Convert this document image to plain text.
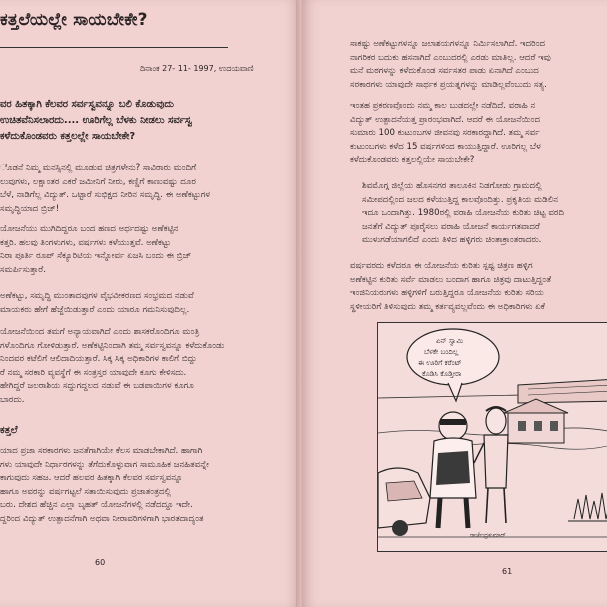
ಕತ್ತಲೆಯಲ್ಲೇ ಸಾಯಬೇಕೇ?
ದಿನಾಂಕ 27- 11- 1997, ಉದಯವಾಣಿ
ವರ ಹಿತಕ್ಕಾಗಿ ಕೆಲವರ ಸರ್ವಸ್ವವನ್ನೂ ಬಲಿ ಕೊಡುವುದು
ಉಚಿತವೆನಿಸಲಾರದು.... ಊರಿಗೆಲ್ಲ ಬೆಳಕು ನೀಡಲು ಸರ್ವಸ್ವ
ಕಳೆದುಕೊಂಡವರು ಕತ್ತಲಲ್ಲೇ ಸಾಯಬೇಕೇ?
ೊಡನೆ ನಿಮ್ಮ ಮನಸ್ಸಿನಲ್ಲಿ ಮೂಡುವ ಚಿತ್ರಗಳೇನು? ಸಾವಿರಾರು ಮಂದಿಗೆ
ಲುವುಗಳು, ಲಕ್ಷಾಂತರ ಎಕರೆ ಜಮೀನಿಗೆ ನೀರು, ಕಣ್ಣಿಗೆ ಕಾಣುವಷ್ಟು ದೂರ
ಬೆಳೆ, ನಾಡಿಗೆಲ್ಲ ವಿದ್ಯುತ್. ಒಟ್ಟಾರೆ ಸುಭಿಕ್ಷದ ನೀರಿನ ಸಮೃದ್ಧಿ. ಈ ಅಣೆಕಟ್ಟುಗಳ
ಸಮೃದ್ಧಿಯಾದ ಬ್ರಿಜ್!
ಯೋಜನೆಯು ಮುಗಿದಿದ್ದರೂ ಬಂದ ಹಣದ ಅರ್ಧದಷ್ಟು ಅಣೆಕಟ್ಟಿನ
ಕತ್ತರಿ. ಹಲವು ತಿಂಗಳುಗಳು, ವರ್ಷಗಳು ಕಳೆಯುತ್ತವೆ. ಅಣೆಕಟ್ಟು
ನಿರಾ ಪೂರ್ತಿ ರೂಪ್ ಸೆಕ್ಯೂರಿಟಿಯ ಇನ್ನೋರ್ವ ಏಜಸಿ ಬಂದು ಈ ಬ್ರಿಜ್
ಸಮರ್ಪಿಸುತ್ತಾರೆ.
ಅಣೆಕಟ್ಟು, ಸಮೃದ್ಧಿ ಮುಂತಾದವುಗಳ ವೈಭವೀಕರಣದ ಸಂಭ್ರಮದ ನಡುವೆ
ಮಾಯಕರು ಹೇಗೆ ಹೆಜ್ಜೆಯಿಡುತ್ತಾರೆ ಎಂದು ಯಾರೂ ಗಮನಿಸುವುದಿಲ್ಲ.
ಯೋಜನೆಯಿಂದ ತಮಗೆ ಅನ್ಯಾಯವಾಗಿದೆ ಎಂದು ಶಾಸಕರೊಂದಿಗೂ ಮಂತ್ರಿ
ಗಳೊಂದಿಗೂ ಗೋಳಿಡುತ್ತಾರೆ. ಅಣೆಕಟ್ಟಿನಿಂದಾಗಿ ತಮ್ಮ ಸರ್ವಸ್ವವನ್ನೂ ಕಳೆದುಕೊಂಡು
ನಿಂದವರ ಕಟೆಲಿಗೆ ಆಲಿದಾದಿಯತ್ತಾರೆ. ಸಿಕ್ಕ ಸಿಕ್ಕ ಅಧಿಕಾರಿಗಳ ಕಾಲಿಗೆ ಬಿದ್ದು
ರೆ ನಮ್ಮ ಸರಕಾರಿ ವ್ಯವಸ್ಥೆಗೆ ಈ ಸಂತ್ರಸ್ತರ ಯಾವುದೇ ಕೂಗು ಕೇಳಿಸದು.
ಹೇಗಿದ್ದರೆ ಜಲರಾಶಿಯ ಸದ್ದುಗದ್ದಲದ ನಡುವೆ ಈ ಬಡಪಾಯಿಗಳ ಕೂಗೂ
ಬಾರದು.
ಕತ್ತಲೆ
ಯಾದ ಪ್ರಜಾ ಸರಕಾರಗಳು ಜನತೆಗಾಗಿಯೇ ಕೆಲಸ ಮಾಡಬೇಕಾಗಿದೆ. ಹಾಗಾಗಿ
ಗಳು ಯಾವುದೇ ನಿರ್ಧಾರಗಳನ್ನು ತೆಗೆದುಕೊಳ್ಳುವಾಗ ಸಾಮೂಹಿಕ ಜನಹಿತವನ್ನೇ
ಕಾಗುವುದು ಸಹಜ. ಆದರೆ ಹಲವರ ಹಿತಕ್ಕಾಗಿ ಕೆಲವರ ಸರ್ವಸ್ವವನ್ನೂ
ಹಾಗೂ ಅವರನ್ನು ವರ್ಷಗಟ್ಟಲೆ ಸತಾಯಿಸುವುದು ಪ್ರಜಾತಂತ್ರದಲ್ಲಿ
ಬರು. ದೇಶದ ಹೆಚ್ಚಿನ ಎಲ್ಲಾ ಬೃಹತ್ ಯೋಜನೆಗಳಲ್ಲಿ ನಡೆದದ್ದೂ ಇದೇ.
ದ್ದರಿಂದ ವಿದ್ಯುತ್ ಉತ್ಪಾದನೆಗಾಗಿ ಅಥವಾ ನೀರಾವರಿಗಳಿಗಾಗಿ ಭಾರತದಾದ್ಯಂತ
60
ಸಾಕಷ್ಟು ಅಣೆಕಟ್ಟುಗಳನ್ನೂ ಜಲಾಶಯಗಳನ್ನೂ ನಿರ್ಮಿಸಲಾಗಿದೆ. ಇದರಿಂದ
ನಾಗರಿಕರ ಬದುಕು ಹಸನಾಗಿದೆ ಎಂಬುದರಲ್ಲಿ ಎರಡು ಮಾತಿಲ್ಲ. ಆದರೆ ಇವು
ಮನೆ ಮಠಗಳನ್ನು ಕಳೆದುಕೊಂಡ ಸರ್ವಸತರ ಪಾಡು ಏನಾಗಿದೆ ಎಂಬುದ
ಸರಕಾರಗಳು ಯಾವುದೇ ಸಾರ್ಥಕ ಪ್ರಯತ್ನಗಳನ್ನು ಮಾಡಿಲ್ಲವೆಂಬುದು ಸತ್ಯ.
ಇಂತಹ ಪ್ರಕರಣವೊಂದು ನಮ್ಮ ಕಾಲ ಬುಡದಲ್ಲೇ ನಡೆದಿದೆ. ವರಾಹಿ ನ
ವಿದ್ಯುತ್ ಉತ್ಪಾದನೆಯತ್ತ ಪ್ರಾರಂಭವಾಗಿದೆ. ಆದರೆ ಈ ಯೋಜನೆಯಿಂದ
ಸುಮಾರು 100 ಕುಟುಂಬಗಳ ಜೀವನವು ಸರಕಾರದ್ದಾಗಿದೆ. ತಮ್ಮ ಸರ್ವ
ಕುಟುಂಬಗಳು ಕಳೆದ 15 ವರ್ಷಗಳಿಂದ ಕಾಯುತ್ತಿದ್ದಾರೆ. ಊರಿಗಲ್ಲ ಬೆಳ
ಕಳೆದುಕೊಂಡವರು ಕತ್ತಲಲ್ಲಿಯೇ ಸಾಯಬೇಕೇ?
ಶಿವಮೊಗ್ಗ ಜಿಲ್ಲೆಯ ಹೊಸನಗರ ತಾಲೂಕಿನ ನಿಡಗೋಡು ಗ್ರಾಮದಲ್ಲಿ
ಸಮೀಪದಲ್ಲಿಂದ ಜಲದ ಕಳೆಯುತ್ತಿದ್ದ ಕಾಲವೊಂದಿತ್ತು. ಪ್ರಕೃತಿಯ ಮಡಿಲಿನ
ಇದೂ ಒಂದಾಗಿತ್ತು. 1980ರಲ್ಲಿ ವರಾಹಿ ಯೋಜನೆಯ ಕುರಿತು ಚಿಟ್ಟ ವರದಿ
ಜನತೆಗೆ ವಿದ್ಯುತ್ ಪೂರೈಸಲು ವರಾಹಿ ಯೋಜನೆ ಕಾರ್ಯಗತವಾದರೆ
ಮುಳುಗಡೆಯಾಗಲಿದೆ ಎಂದು ತಿಳಿದ ಹಳ್ಳಿಗರು ಚಿಂತಾಕ್ರಾಂತರಾದರು.
ವರ್ಷವರದು ಕಳೆದರೂ ಈ ಯೋಜನೆಯ ಕುರಿತು ಸ್ಪಷ್ಟ ಚಿತ್ರಣ ಹಳ್ಳಿಗ
ಅಣೆಕಟ್ಟಿನ ಕುರಿತು ಸರ್ವೆ ಮಾಡಲು ಬಂದಾಗ ಹಾಗೂ ಚಿತ್ರವು ದಾಟುತ್ತಿದ್ದಂತೆ
ಇಂಜಿನಿಯರುಗಳು ಹಳ್ಳಿಗಳಿಗೆ ಬರುತ್ತಿದ್ದರೂ ಯೋಜನೆಯ ಕುರಿತು ಸರಿಯ
ಸ್ಥಳೀಯರಿಗೆ ತಿಳಿಸುವುದು ತಮ್ಮ ಕರ್ತವ್ಯವಲ್ಲವೆಂದು ಈ ಅಧಿಕಾರಿಗಳು ಏಕೆ
ಏನ್ ಸ್ವಾಮಿ
ಬೆಳಕೇ ಬಂದಿಲ್ಲ
ಈ ಊರಿಗೆ ಕರೆಂಟ್
ಕೊಡಿಸಿ ಕೊಡ್ತೀರಾ
ರಾಜೇಂದ್ರಕುಮಾರ್
61
